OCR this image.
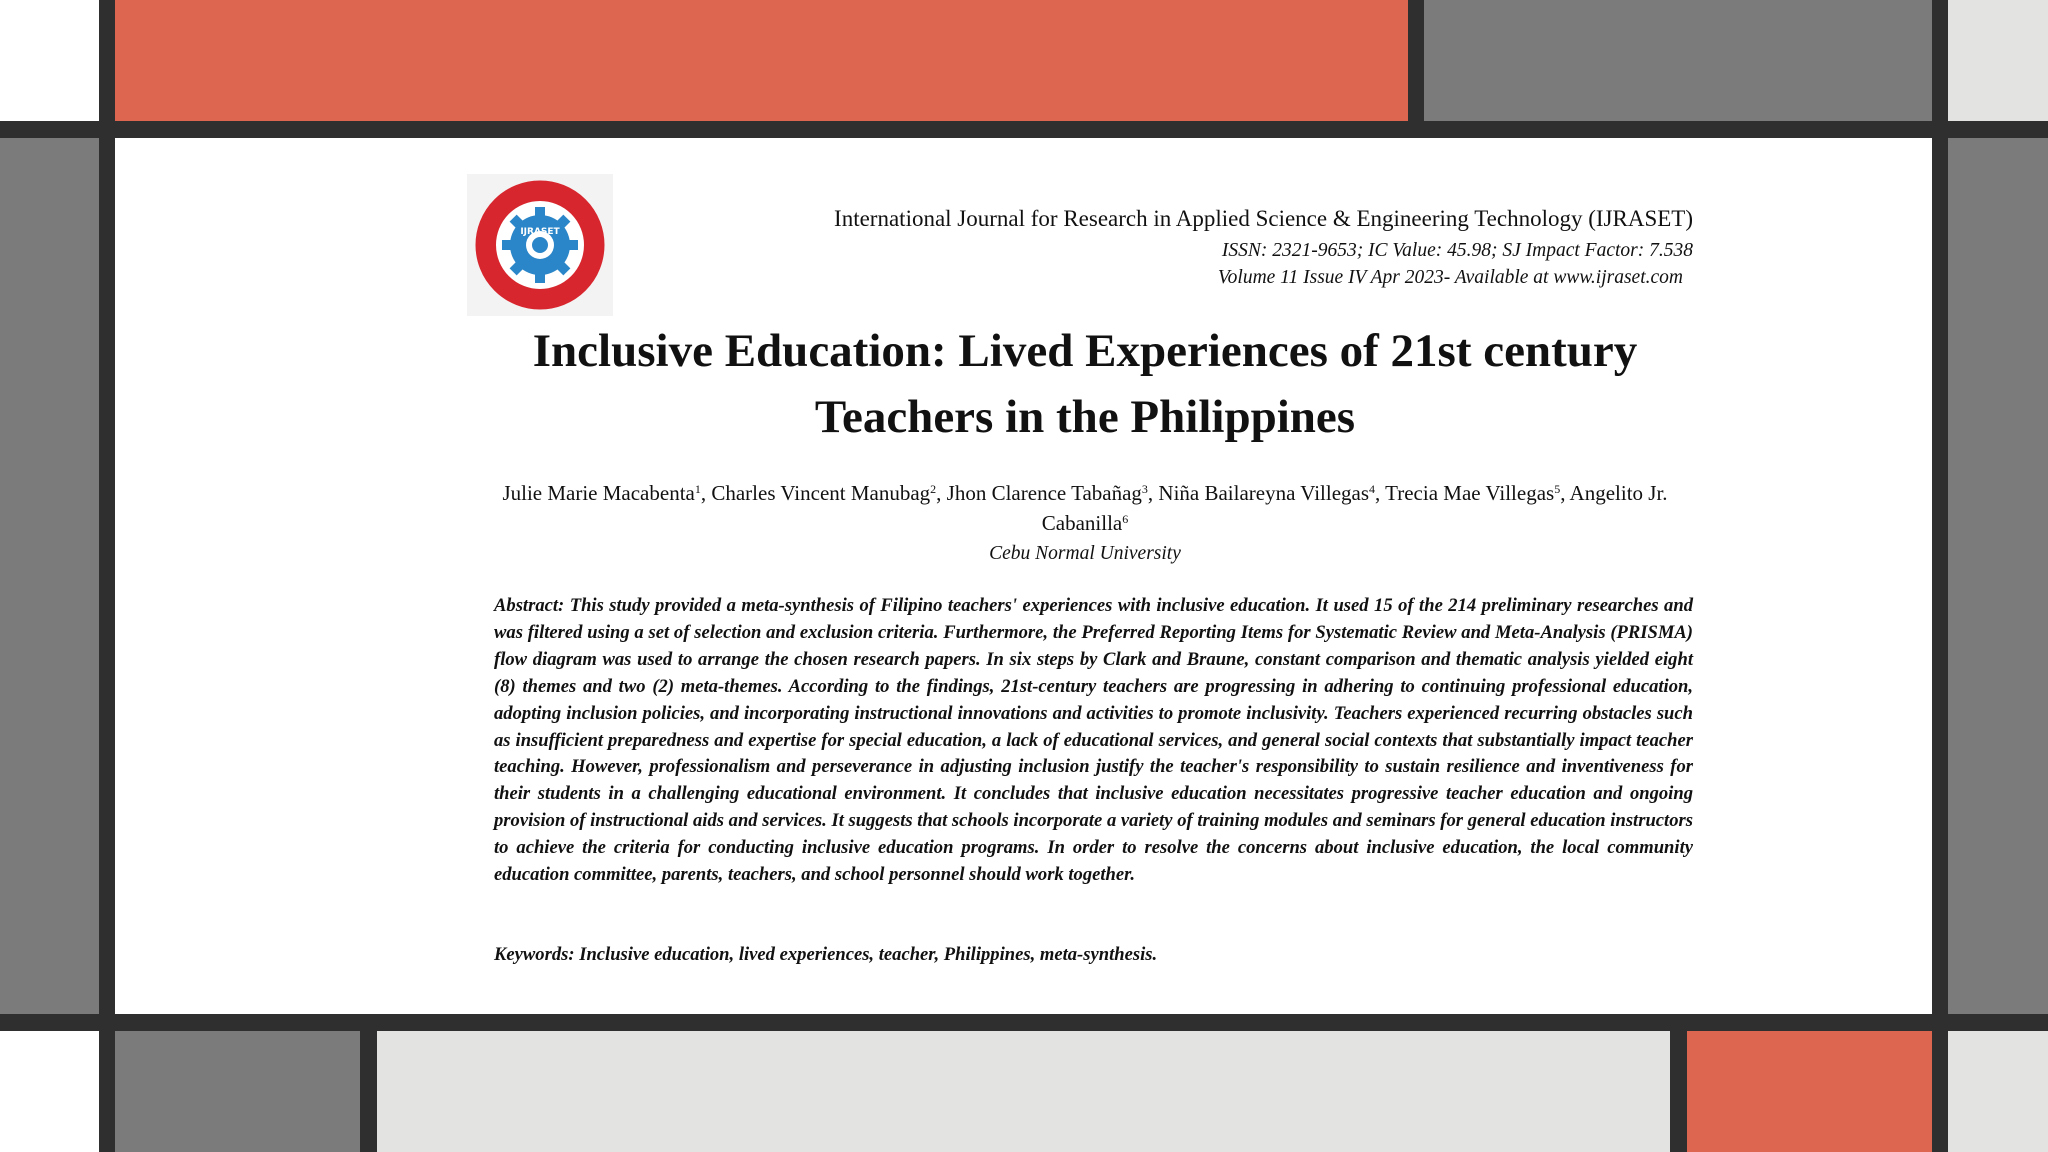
IJRASET
International Journal for Research in Applied Science & Engineering Technology (IJRASET)
ISSN: 2321-9653; IC Value: 45.98; SJ Impact Factor: 7.538
Volume 11 Issue IV Apr 2023- Available at www.ijraset.com
Inclusive Education: Lived Experiences of 21st century Teachers in the Philippines
Julie Marie Macabenta$^1$, Charles Vincent Manubag$^2$, Jhon Clarence Tabañag$^3$, Niña Bailareyna Villegas$^4$, Trecia Mae Villegas$^5$, Angelito Jr. Cabanilla$^6$
Cebu Normal University

Abstract: This study provided a meta-synthesis of Filipino teachers' experiences with inclusive education. It used 15 of the 214 preliminary researches and was filtered using a set of selection and exclusion criteria. Furthermore, the Preferred Reporting Items for Systematic Review and Meta-Analysis (PRISMA) flow diagram was used to arrange the chosen research papers. In six steps by Clark and Braune, constant comparison and thematic analysis yielded eight (8) themes and two (2) meta-themes. According to the findings, 21st-century teachers are progressing in adhering to continuing professional education, adopting inclusion policies, and incorporating instructional innovations and activities to promote inclusivity. Teachers experienced recurring obstacles such as insufficient preparedness and expertise for special education, a lack of educational services, and general social contexts that substantially impact teacher teaching. However, professionalism and perseverance in adjusting inclusion justify the teacher's responsibility to sustain resilience and inventiveness for their students in a challenging educational environment. It concludes that inclusive education necessitates progressive teacher education and ongoing provision of instructional aids and services. It suggests that schools incorporate a variety of training modules and seminars for general education instructors to achieve the criteria for conducting inclusive education programs. In order to resolve the concerns about inclusive education, the local community education committee, parents, teachers, and school personnel should work together.

Keywords: Inclusive education, lived experiences, teacher, Philippines, meta-synthesis.
